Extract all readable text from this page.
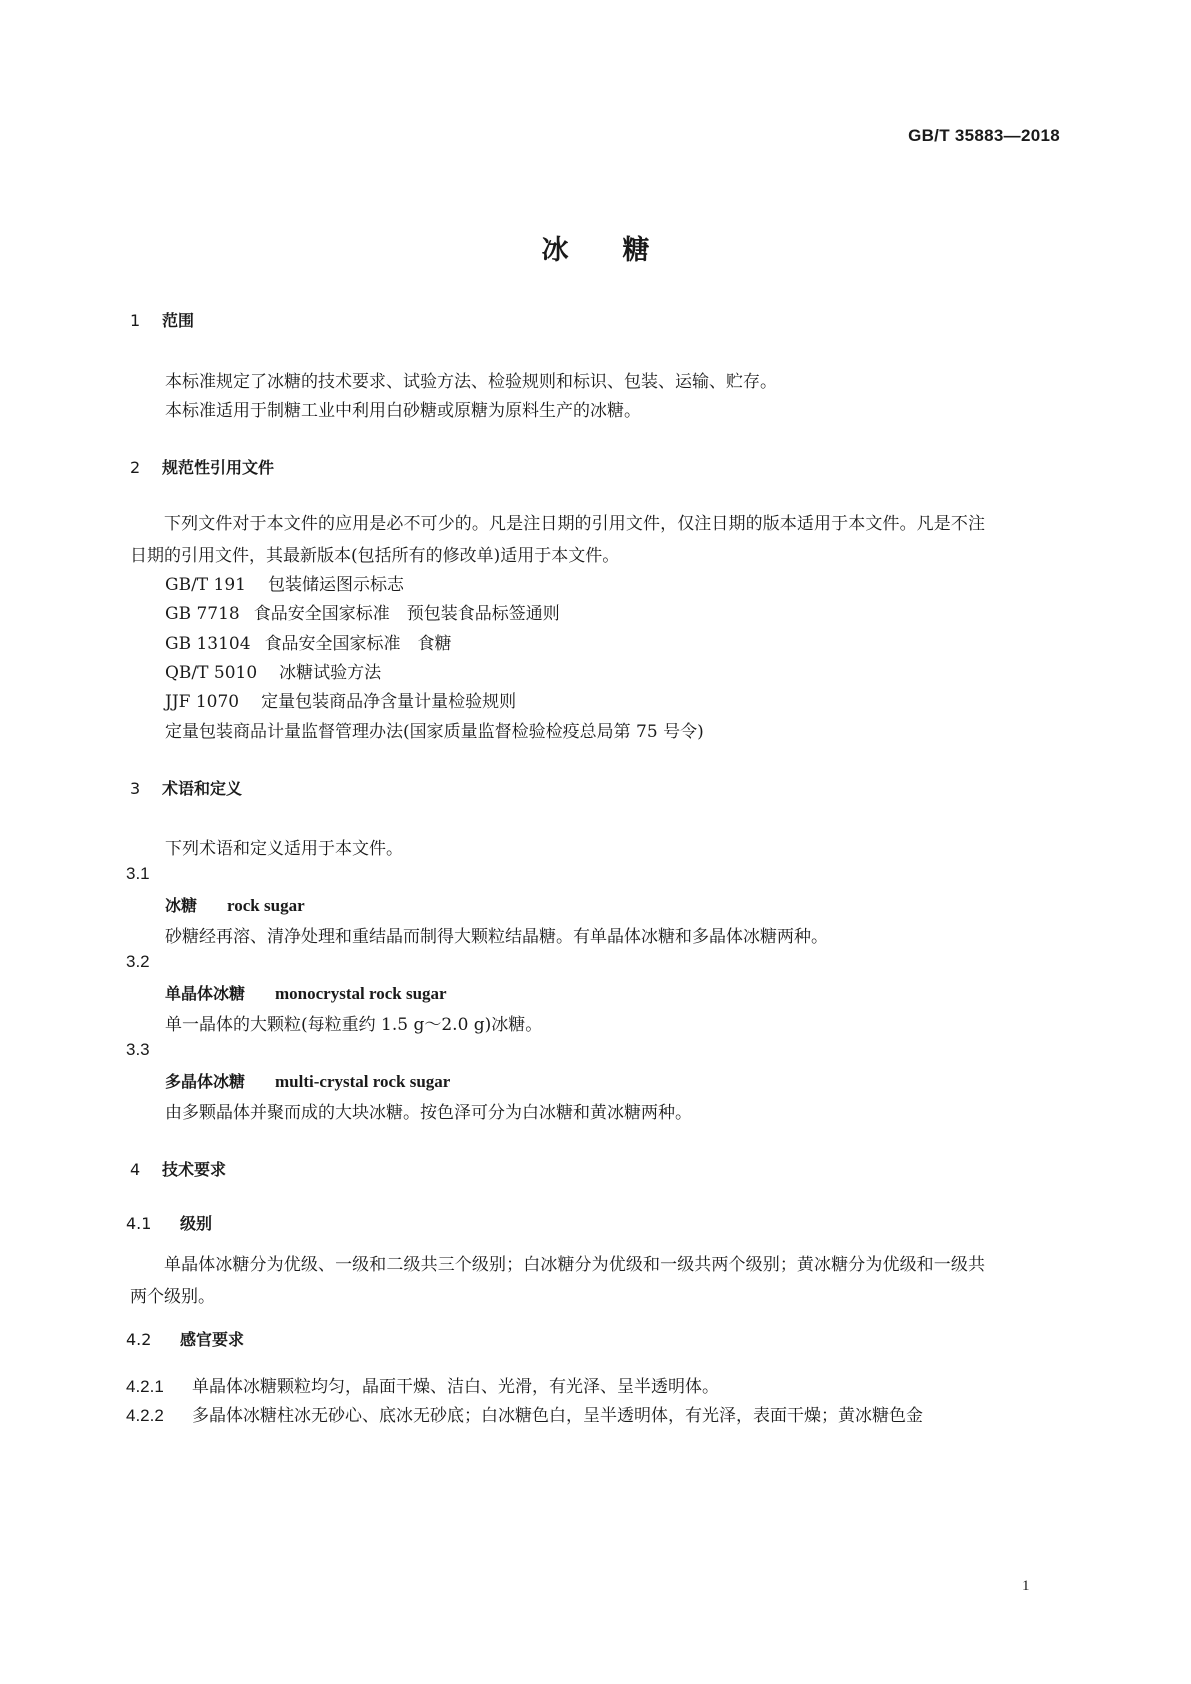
GB/T 35883—2018
冰　　糖
1 范围
本标准规定了冰糖的技术要求、试验方法、检验规则和标识、包装、运输、贮存。
本标准适用于制糖工业中利用白砂糖或原糖为原料生产的冰糖。
2 规范性引用文件
下列文件对于本文件的应用是必不可少的。凡是注日期的引用文件，仅注日期的版本适用于本文件。凡是不注日期的引用文件，其最新版本(包括所有的修改单)适用于本文件。
GB/T 191 包装储运图示标志
GB 7718 食品安全国家标准　预包装食品标签通则
GB 13104 食品安全国家标准　食糖
QB/T 5010 冰糖试验方法
JJF 1070 定量包装商品净含量计量检验规则
定量包装商品计量监督管理办法(国家质量监督检验检疫总局第 75 号令)
3 术语和定义
下列术语和定义适用于本文件。
3.1
冰糖 rock sugar
砂糖经再溶、清净处理和重结晶而制得大颗粒结晶糖。有单晶体冰糖和多晶体冰糖两种。
3.2
单晶体冰糖 monocrystal rock sugar
单一晶体的大颗粒(每粒重约 1.5 g～2.0 g)冰糖。
3.3
多晶体冰糖 multi-crystal rock sugar
由多颗晶体并聚而成的大块冰糖。按色泽可分为白冰糖和黄冰糖两种。
4 技术要求
4.1 级别
单晶体冰糖分为优级、一级和二级共三个级别；白冰糖分为优级和一级共两个级别；黄冰糖分为优级和一级共两个级别。
4.2 感官要求
4.2.1 单晶体冰糖颗粒均匀，晶面干燥、洁白、光滑，有光泽、呈半透明体。
4.2.2 多晶体冰糖柱冰无砂心、底冰无砂底；白冰糖色白，呈半透明体，有光泽，表面干燥；黄冰糖色金
1
